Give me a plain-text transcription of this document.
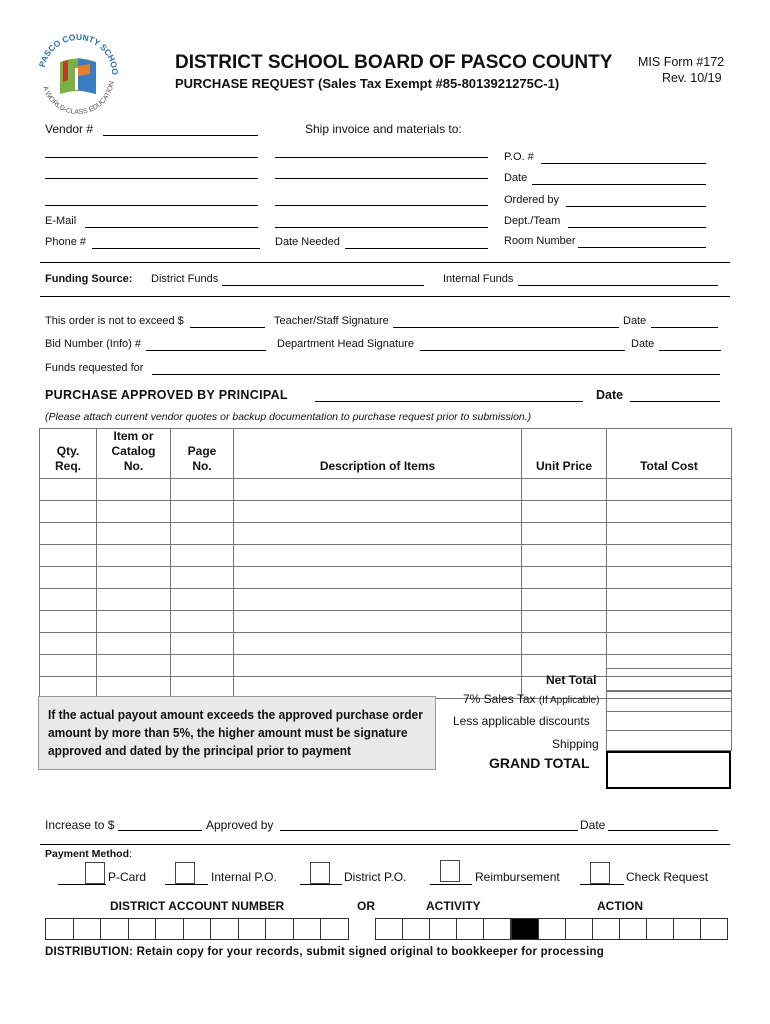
PASCO COUNTY SCHOO
A WORLD-CLASS EDUCATION
DISTRICT SCHOOL BOARD OF PASCO COUNTY
PURCHASE REQUEST (Sales Tax Exempt #85-8013921275C-1)
MIS Form #172
Rev. 10/19
Vendor #	Ship invoice and materials to:
P.O. #
Date
Ordered by
E-Mail	Dept./Team
Phone #	Date Needed	Room Number
Funding Source: District Funds	Internal Funds
This order is not to exceed $	Teacher/Staff Signature	Date
Bid Number (Info) #	Department Head Signature	Date
Funds requested for
PURCHASE APPROVED BY PRINCIPAL	Date
(Please attach current vendor quotes or backup documentation to purchase request prior to submission.)
Qty. Req.	Item or Catalog No.	Page No.	Description of Items	Unit Price	Total Cost

Net Total
7% Sales Tax (If Applicable)
Less applicable discounts
Shipping
GRAND TOTAL
If the actual payout amount exceeds the approved purchase order amount by more than 5%, the higher amount must be signature approved and dated by the principal prior to payment
Increase to $	Approved by	Date
Payment Method:
P-Card	Internal P.O.	District P.O.	Reimbursement	Check Request
DISTRICT ACCOUNT NUMBER	OR	ACTIVITY	ACTION
DISTRIBUTION: Retain copy for your records, submit signed original to bookkeeper for processing
